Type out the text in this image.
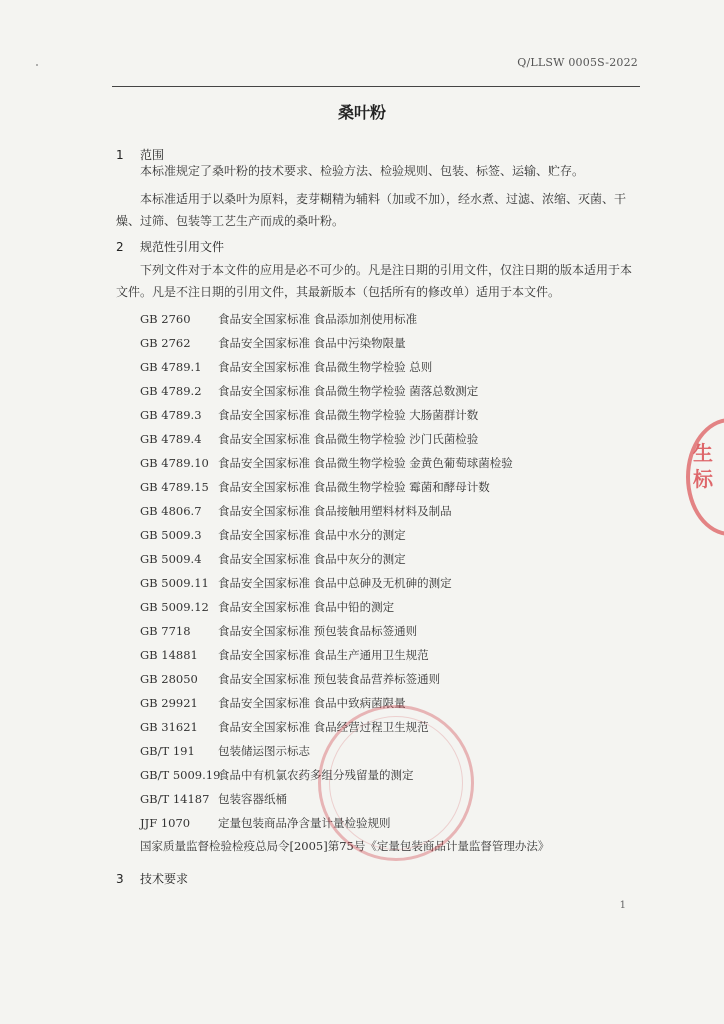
Q/LLSW 0005S-2022
桑叶粉
1 范围

本标准规定了桑叶粉的技术要求、检验方法、检验规则、包装、标签、运输、贮存。

本标准适用于以桑叶为原料，麦芽糊精为辅料（加或不加），经水煮、过滤、浓缩、灭菌、干燥、过筛、包装等工艺生产而成的桑叶粉。

2 规范性引用文件

下列文件对于本文件的应用是必不可少的。凡是注日期的引用文件，仅注日期的版本适用于本文件。凡是不注日期的引用文件，其最新版本（包括所有的修改单）适用于本文件。

GB 2760 食品安全国家标准 食品添加剂使用标准
GB 2762 食品安全国家标准 食品中污染物限量
GB 4789.1 食品安全国家标准 食品微生物学检验 总则
GB 4789.2 食品安全国家标准 食品微生物学检验 菌落总数测定
GB 4789.3 食品安全国家标准 食品微生物学检验 大肠菌群计数
GB 4789.4 食品安全国家标准 食品微生物学检验 沙门氏菌检验
GB 4789.10 食品安全国家标准 食品微生物学检验 金黄色葡萄球菌检验
GB 4789.15 食品安全国家标准 食品微生物学检验 霉菌和酵母计数
GB 4806.7 食品安全国家标准 食品接触用塑料材料及制品
GB 5009.3 食品安全国家标准 食品中水分的测定
GB 5009.4 食品安全国家标准 食品中灰分的测定
GB 5009.11 食品安全国家标准 食品中总砷及无机砷的测定
GB 5009.12 食品安全国家标准 食品中铅的测定
GB 7718 食品安全国家标准 预包装食品标签通则
GB 14881 食品安全国家标准 食品生产通用卫生规范
GB 28050 食品安全国家标准 预包装食品营养标签通则
GB 29921 食品安全国家标准 食品中致病菌限量
GB 31621 食品安全国家标准 食品经营过程卫生规范
GB/T 191 包装储运图示标志
GB/T 5009.19食品中有机氯农药多组分残留量的测定
GB/T 14187 包装容器纸桶
JJF 1070 定量包装商品净含量计量检验规则
国家质量监督检验检疫总局令[2005]第75号《定量包装商品计量监督管理办法》
3 技术要求
1
生
标
